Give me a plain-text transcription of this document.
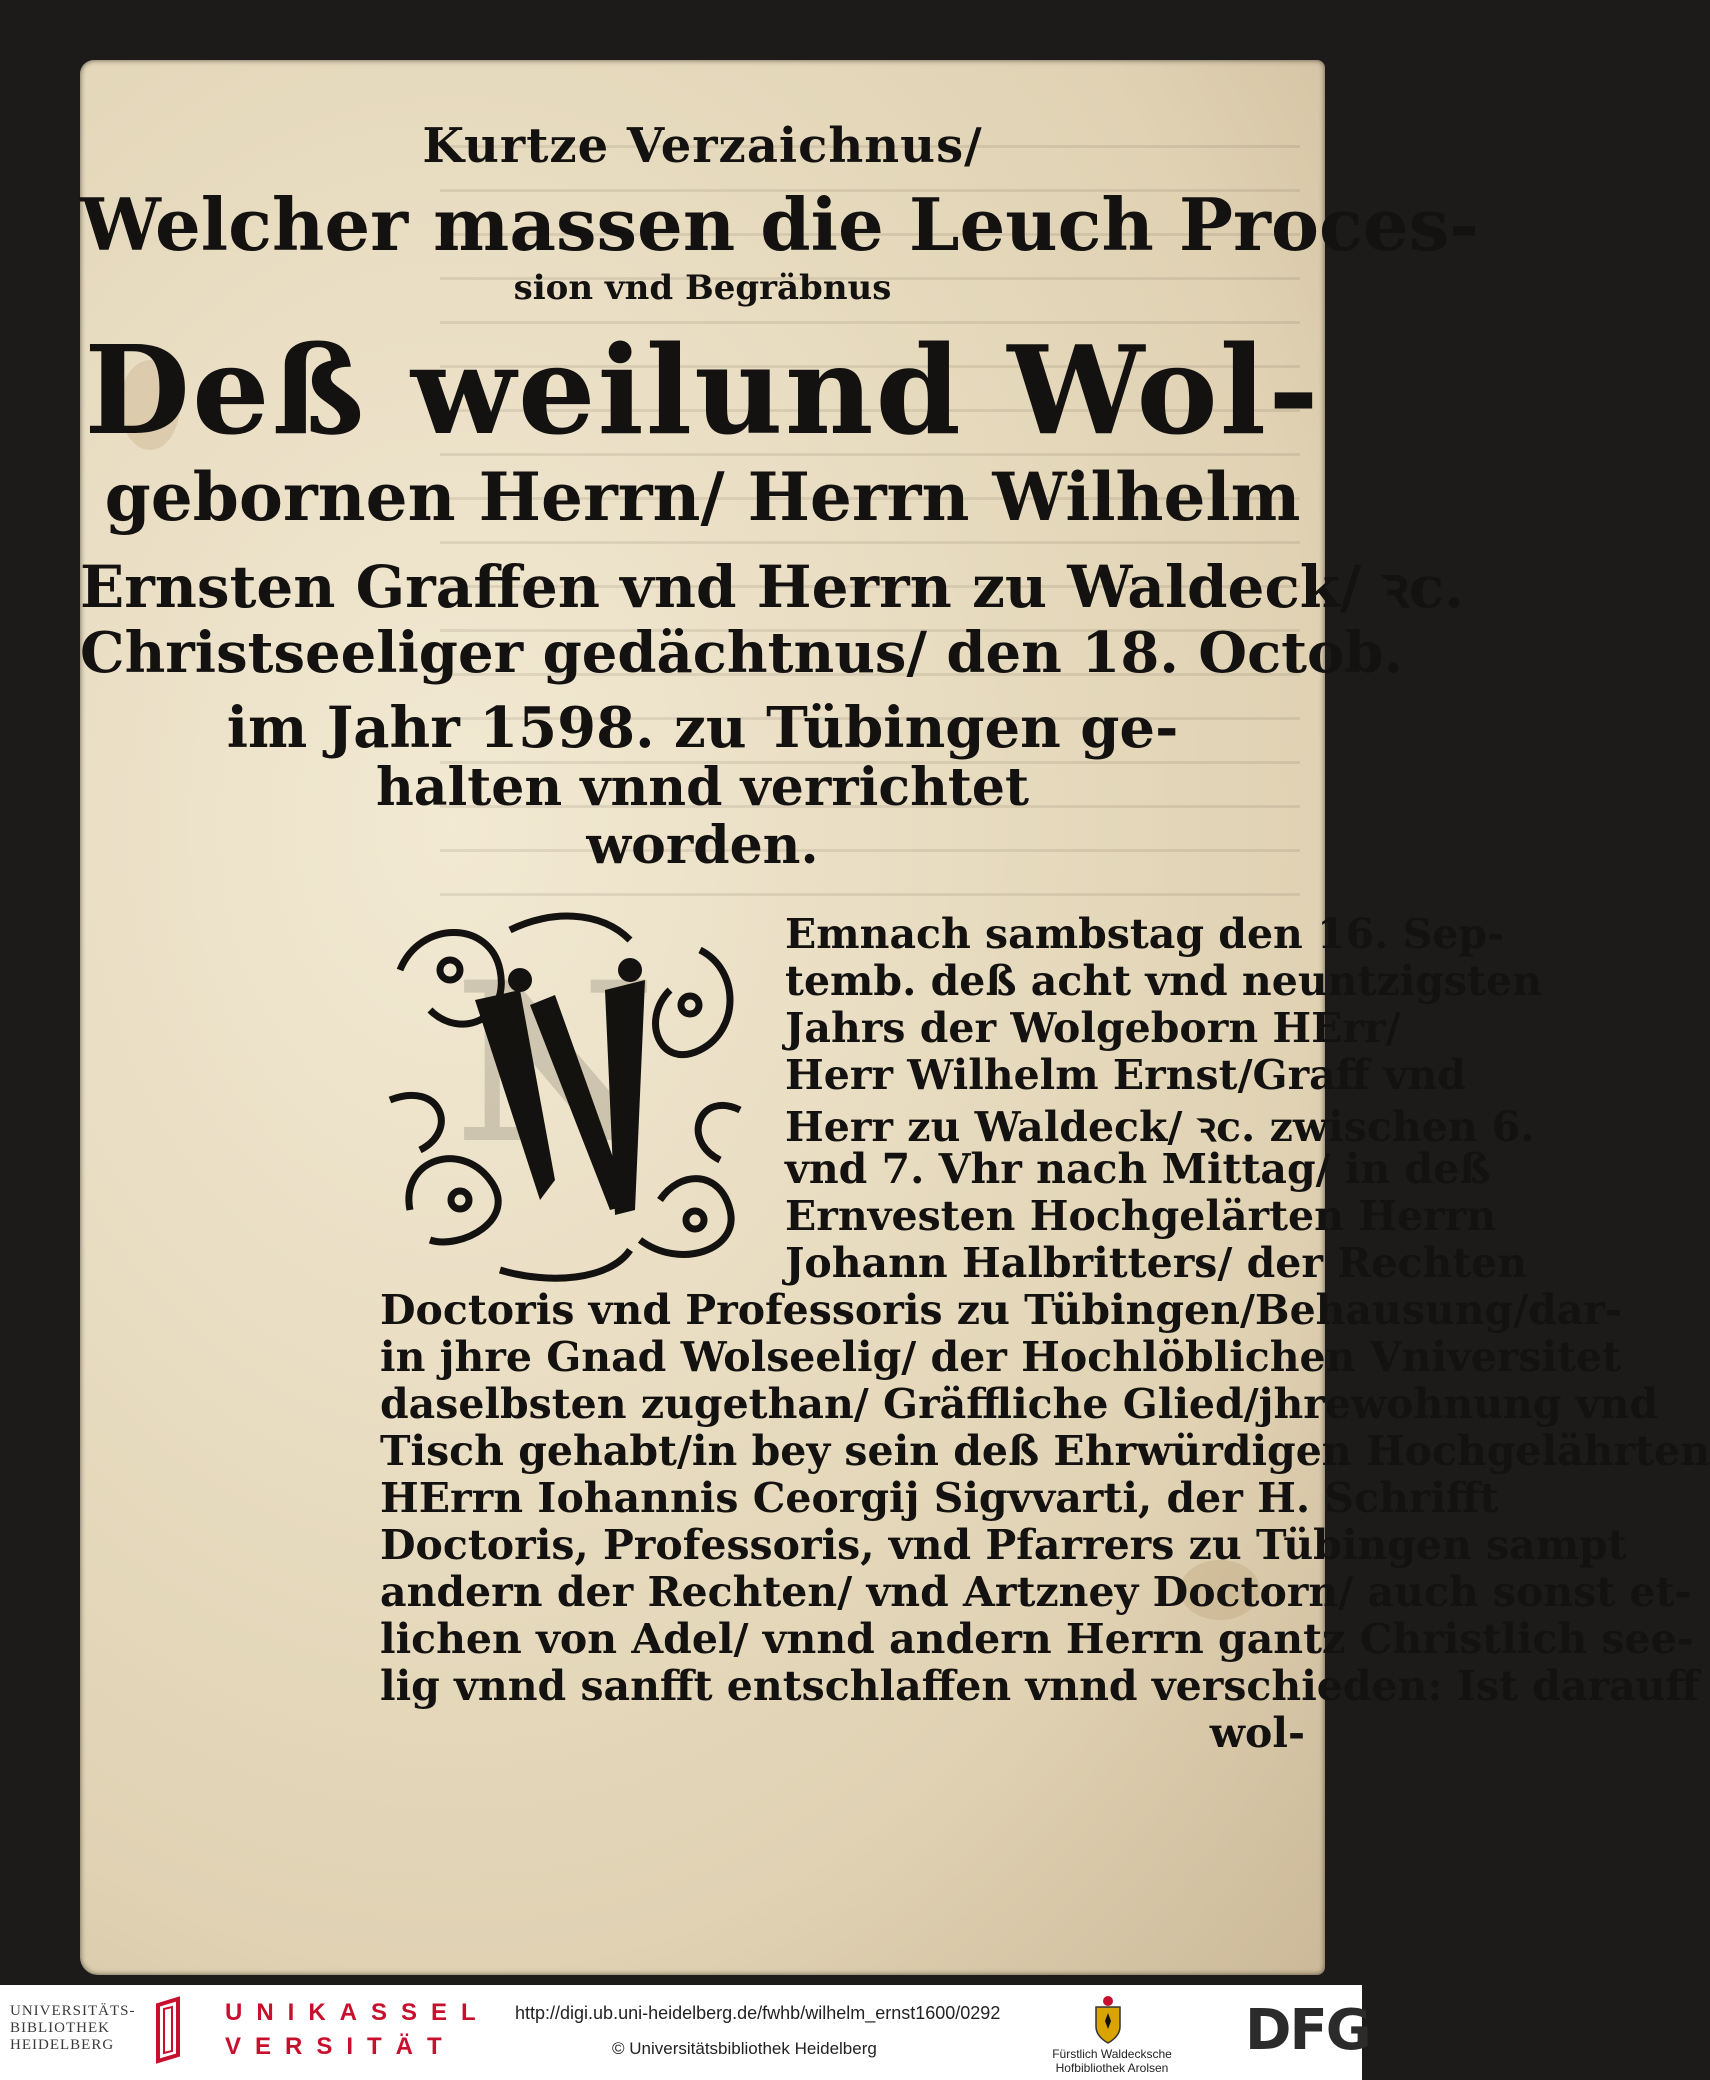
Kurtze Verzaichnus/
Welcher massen die Leuch Proces-
sion vnd Begräbnus
Deß weilund Wol-
gebornen Herrn/ Herrn Wilhelm
Ernsten Graffen vnd Herrn zu Waldeck/ ꝛc.
Christseeliger gedächtnus/ den 18. Octob.
im Jahr 1598. zu Tübingen ge-
halten vnnd verrichtet
worden.
N	Emnach sambstag den 16. Sep-
temb. deß acht vnd neuntzigsten
Jahrs der Wolgeborn HErr/
Herr Wilhelm Ernst/Graff vnd
Herr zu Waldeck/ ꝛc. zwischen 6.
vnd 7. Vhr nach Mittag/ in deß
Ernvesten Hochgelärten Herrn
Johann Halbritters/ der Rechten
Doctoris vnd Professoris zu Tübingen/Behausung/dar-
in jhre Gnad Wolseelig/ der Hochlöblichen Vniversitet
daselbsten zugethan/ Gräffliche Glied/jhrewohnung vnd
Tisch gehabt/in bey sein deß Ehrwürdigen Hochgelährten
HErrn Iohannis Ceorgij Sigvvarti, der H. Schrifft
Doctoris, Professoris, vnd Pfarrers zu Tübingen sampt
andern der Rechten/ vnd Artzney Doctorn/ auch sonst et-
lichen von Adel/ vnnd andern Herrn gantz Christlich see-
lig vnnd sanfft entschlaffen vnnd verschieden: Ist darauff
wol-
UNIVERSITÄTS-
BIBLIOTHEK
HEIDELBERG
UNIKASSEL
VERSITÄT
http://digi.ub.uni-heidelberg.de/fwhb/wilhelm_ernst1600/0292
© Universitätsbibliothek Heidelberg	Fürstlich Waldecksche
Hofbibliothek Arolsen
DFG
